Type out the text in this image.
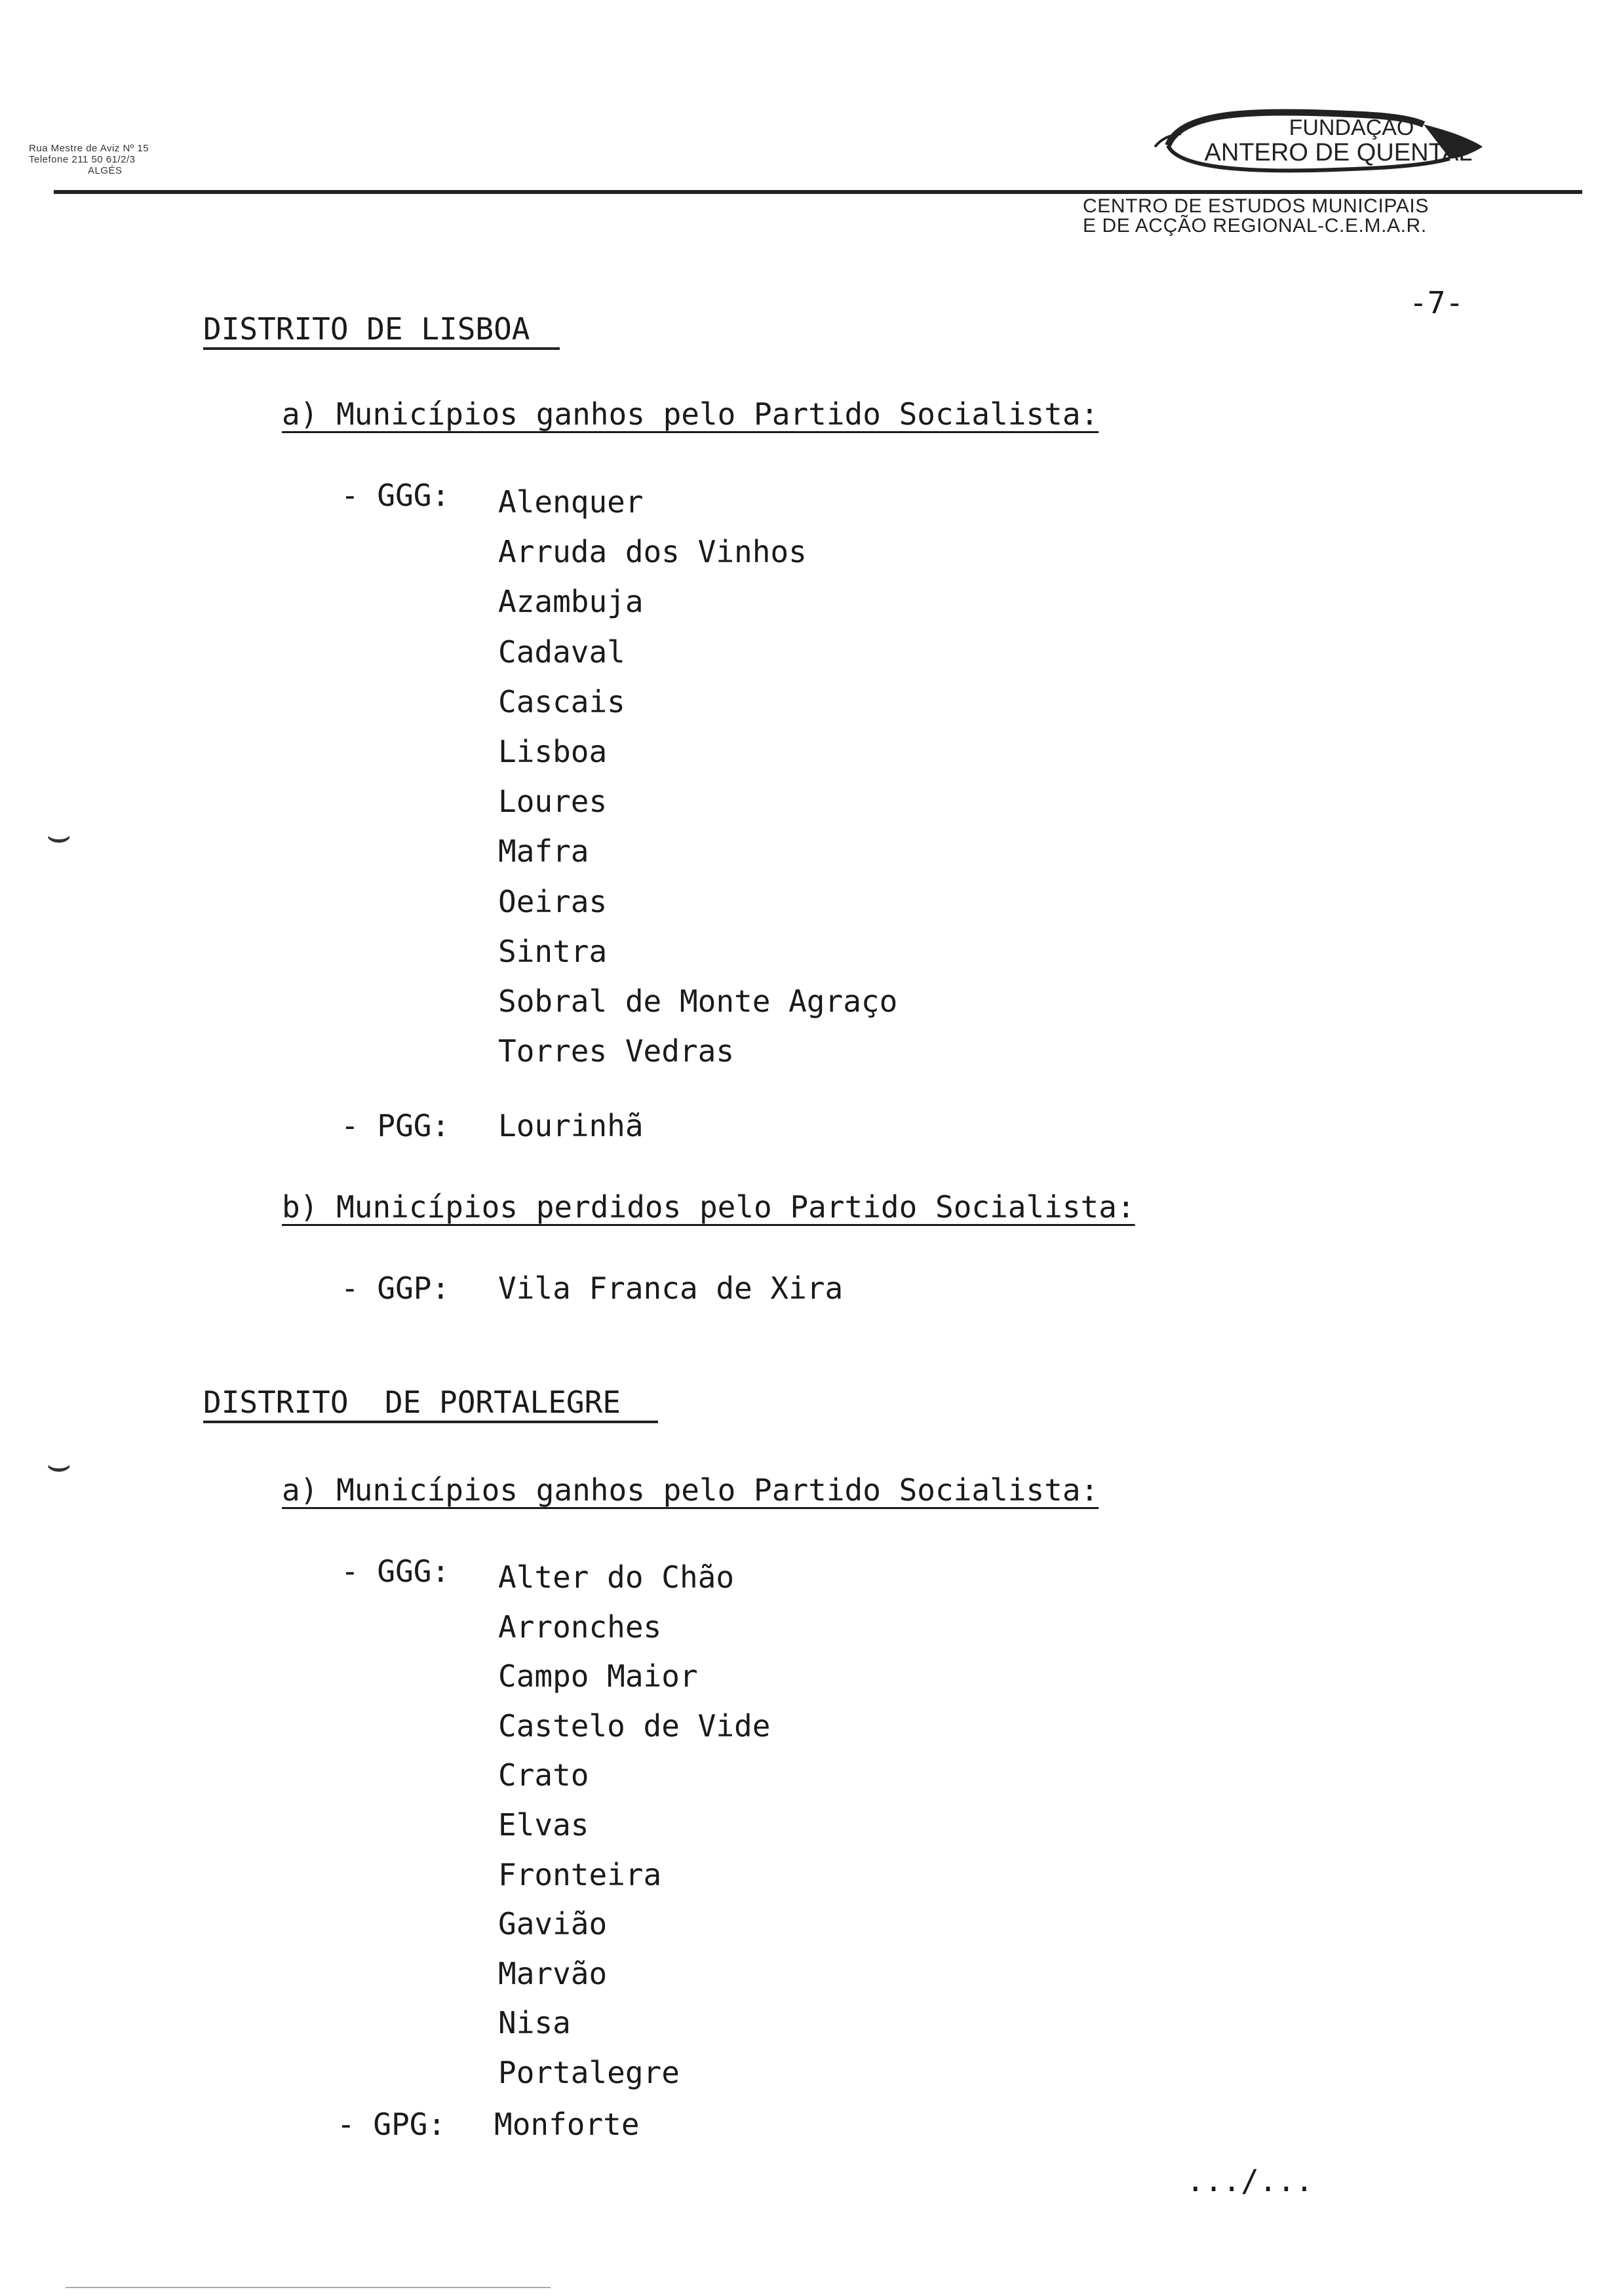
Rua Mestre de Aviz Nº 15
Telefone 211 50 61/2/3
ALGÉS
FUNDAÇÃO
ANTERO DE QUENTAL
CENTRO DE ESTUDOS MUNICIPAIS
E DE ACÇÃO REGIONAL-C.E.M.A.R.
-7-
⌣
⌣
DISTRITO DE LISBOA
a) Municípios ganhos pelo Partido Socialista:
- GGG: Alenquer
Arruda dos Vinhos
Azambuja
Cadaval
Cascais
Lisboa
Loures
Mafra
Oeiras
Sintra
Sobral de Monte Agraço
Torres Vedras
- PGG: Lourinhã
b) Municípios perdidos pelo Partido Socialista:
- GGP: Vila Franca de Xira
DISTRITO  DE PORTALEGRE
a) Municípios ganhos pelo Partido Socialista:
- GGG: Alter do Chão
Arronches
Campo Maior
Castelo de Vide
Crato
Elvas
Fronteira
Gavião
Marvão
Nisa
Portalegre
- GPG: Monforte
.../...
